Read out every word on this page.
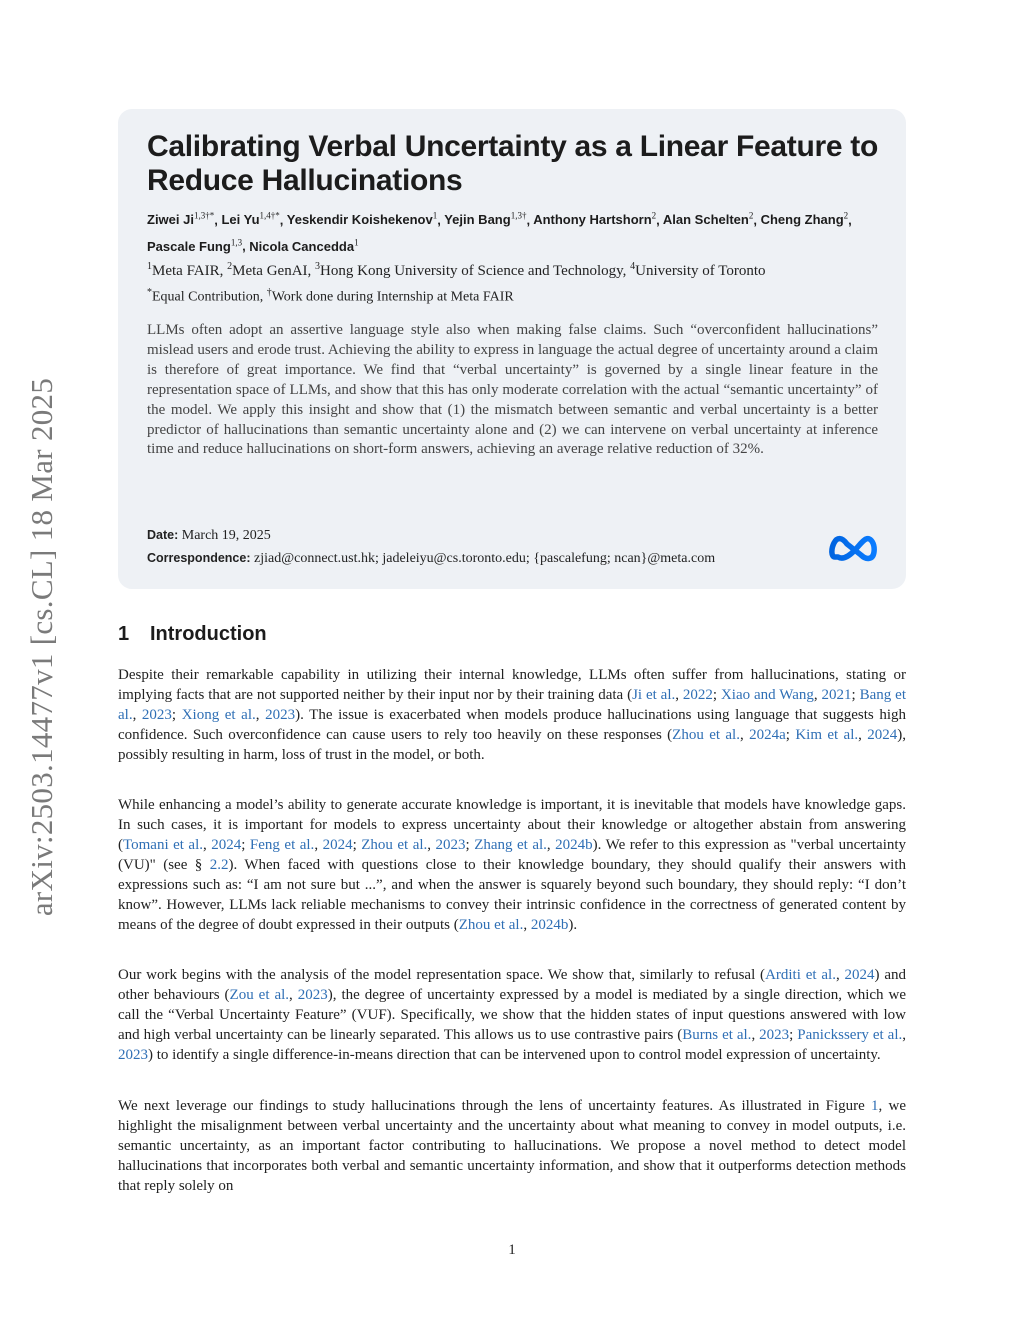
arXiv:2503.14477v1 [cs.CL] 18 Mar 2025
Calibrating Verbal Uncertainty as a Linear Feature to Reduce Hallucinations
Ziwei $Ji^{1,3\dagger*}$, Lei $Yu^{1,4\dagger*}$, Yeskendir Koishekenov$^1$, Yejin Bang$^{1,3\dagger}$, Anthony Hartshorn$^2$, Alan Schelten$^2$, Cheng Zhang$^2$, Pascale Fung$^{1,3}$, Nicola Cancedda$^1$
$^1$Meta FAIR, $^2$Meta GenAI, $^3$Hong Kong University of Science and Technology, $^4$University of Toronto
*Equal Contribution, †Work done during Internship at Meta FAIR

LLMs often adopt an assertive language style also when making false claims. Such “overconfident hallucinations” mislead users and erode trust. Achieving the ability to express in language the actual degree of uncertainty around a claim is therefore of great importance. We find that “verbal uncertainty” is governed by a single linear feature in the representation space of LLMs, and show that this has only moderate correlation with the actual “semantic uncertainty” of the model. We apply this insight and show that (1) the mismatch between semantic and verbal uncertainty is a better predictor of hallucinations than semantic uncertainty alone and (2) we can intervene on verbal uncertainty at inference time and reduce hallucinations on short-form answers, achieving an average relative reduction of 32%.

Date: March 19, 2025
Correspondence: zjiad@connect.ust.hk; jadeleiyu@cs.toronto.edu; {pascalefung; ncan}@meta.com
1 Introduction

Despite their remarkable capability in utilizing their internal knowledge, LLMs often suffer from hallucinations, stating or implying facts that are not supported neither by their input nor by their training data (Ji et al., 2022; Xiao and Wang, 2021; Bang et al., 2023; Xiong et al., 2023). The issue is exacerbated when models produce hallucinations using language that suggests high confidence. Such overconfidence can cause users to rely too heavily on these responses (Zhou et al., 2024a; Kim et al., 2024), possibly resulting in harm, loss of trust in the model, or both.

While enhancing a model’s ability to generate accurate knowledge is important, it is inevitable that models have knowledge gaps. In such cases, it is important for models to express uncertainty about their knowledge or altogether abstain from answering (Tomani et al., 2024; Feng et al., 2024; Zhou et al., 2023; Zhang et al., 2024b). We refer to this expression as "verbal uncertainty (VU)" (see § 2.2). When faced with questions close to their knowledge boundary, they should qualify their answers with expressions such as: “I am not sure but ...”, and when the answer is squarely beyond such boundary, they should reply: “I don’t know”. However, LLMs lack reliable mechanisms to convey their intrinsic confidence in the correctness of generated content by means of the degree of doubt expressed in their outputs (Zhou et al., 2024b).

Our work begins with the analysis of the model representation space. We show that, similarly to refusal (Arditi et al., 2024) and other behaviours (Zou et al., 2023), the degree of uncertainty expressed by a model is mediated by a single direction, which we call the “Verbal Uncertainty Feature” (VUF). Specifically, we show that the hidden states of input questions answered with low and high verbal uncertainty can be linearly separated. This allows us to use contrastive pairs (Burns et al., 2023; Panickssery et al., 2023) to identify a single difference-in-means direction that can be intervened upon to control model expression of uncertainty.

We next leverage our findings to study hallucinations through the lens of uncertainty features. As illustrated in Figure 1, we highlight the misalignment between verbal uncertainty and the uncertainty about what meaning to convey in model outputs, i.e. semantic uncertainty, as an important factor contributing to hallucinations. We propose a novel method to detect model hallucinations that incorporates both verbal and semantic uncertainty information, and show that it outperforms detection methods that reply solely on

1
